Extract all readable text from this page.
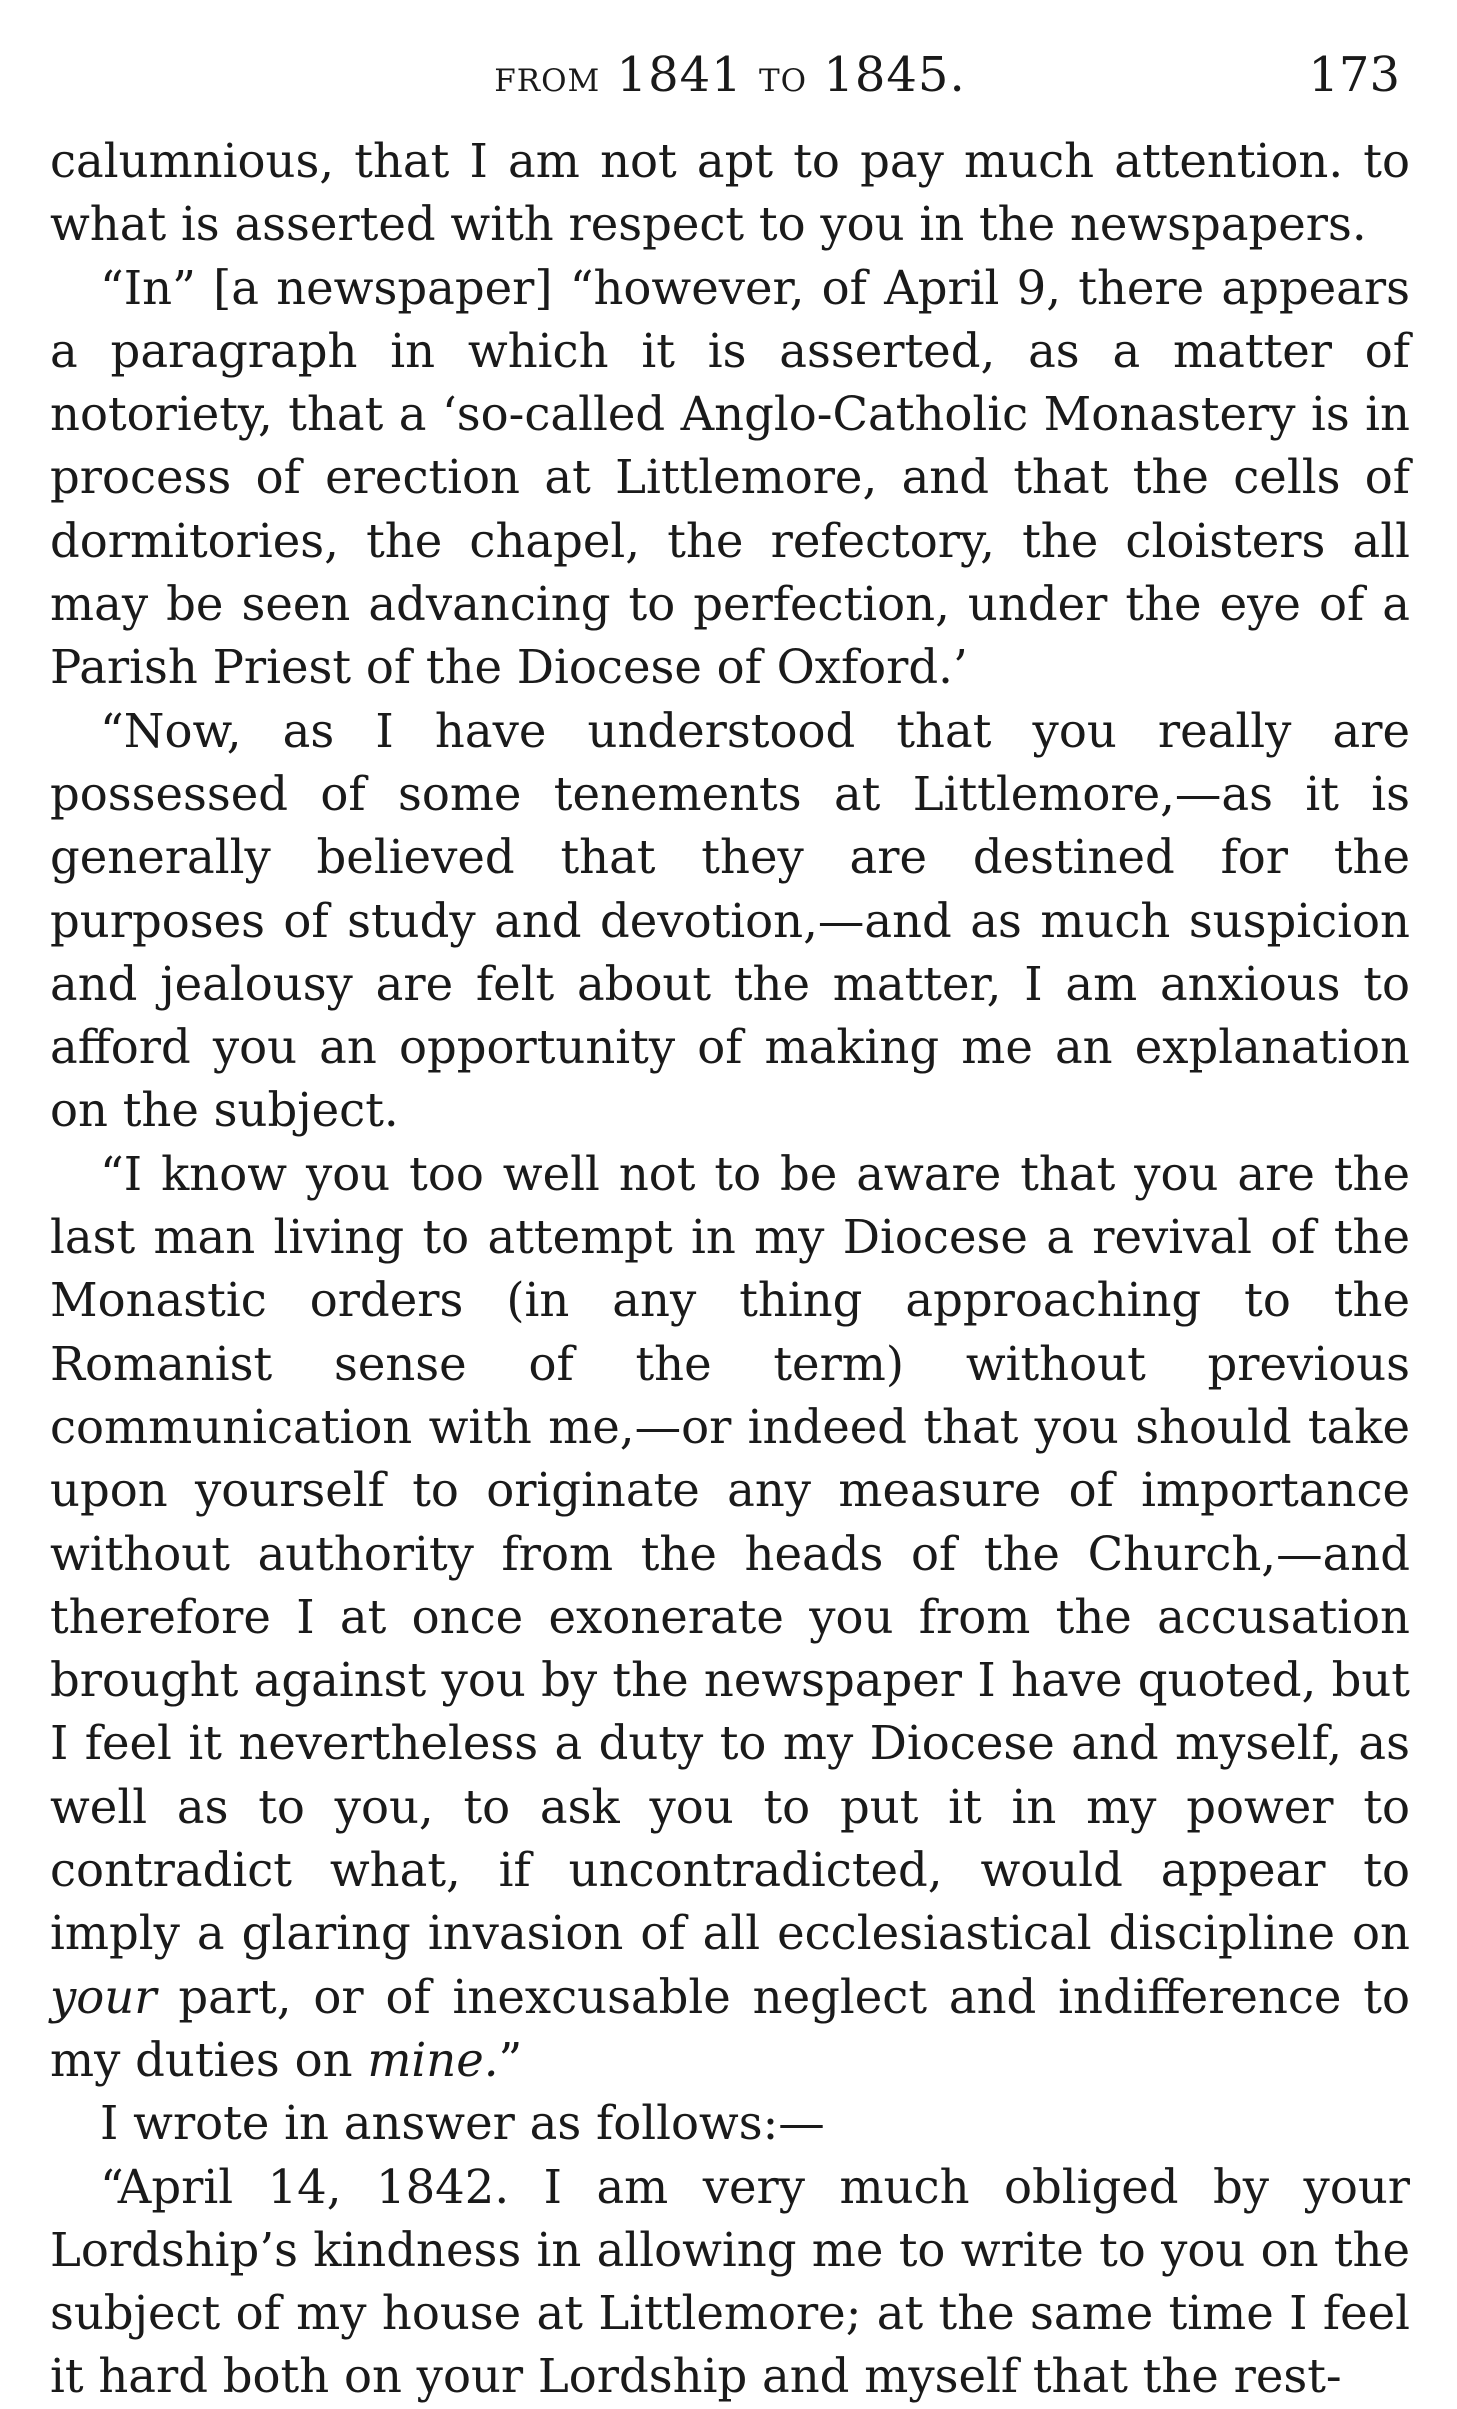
from 1841 to 1845.	173

calumnious, that I am not apt to pay much attention. to what is asserted with respect to you in the newspapers.

“In” [a newspaper] “however, of April 9, there appears a paragraph in which it is asserted, as a matter of notoriety, that a ‘so-called Anglo-Catholic Monastery is in process of erection at Littlemore, and that the cells of dormitories, the chapel, the refectory, the cloisters all may be seen advancing to perfection, under the eye of a Parish Priest of the Diocese of Oxford.’

“Now, as I have understood that you really are possessed of some tenements at Littlemore,—as it is generally believed that they are destined for the purposes of study and devotion,—and as much suspicion and jealousy are felt about the matter, I am anxious to afford you an opportunity of making me an explanation on the subject.

“I know you too well not to be aware that you are the last man living to attempt in my Diocese a revival of the Monastic orders (in any thing approaching to the Romanist sense of the term) without previous communication with me,—or indeed that you should take upon yourself to originate any measure of importance without authority from the heads of the Church,—and therefore I at once exonerate you from the accusation brought against you by the newspaper I have quoted, but I feel it nevertheless a duty to my Diocese and myself, as well as to you, to ask you to put it in my power to contradict what, if uncontradicted, would appear to imply a glaring invasion of all ecclesiastical discipline on your part, or of inexcusable neglect and indifference to my duties on mine.”

I wrote in answer as follows:—

“April 14, 1842. I am very much obliged by your Lordship’s kindness in allowing me to write to you on the subject of my house at Littlemore; at the same time I feel it hard both on your Lordship and myself that the rest-
